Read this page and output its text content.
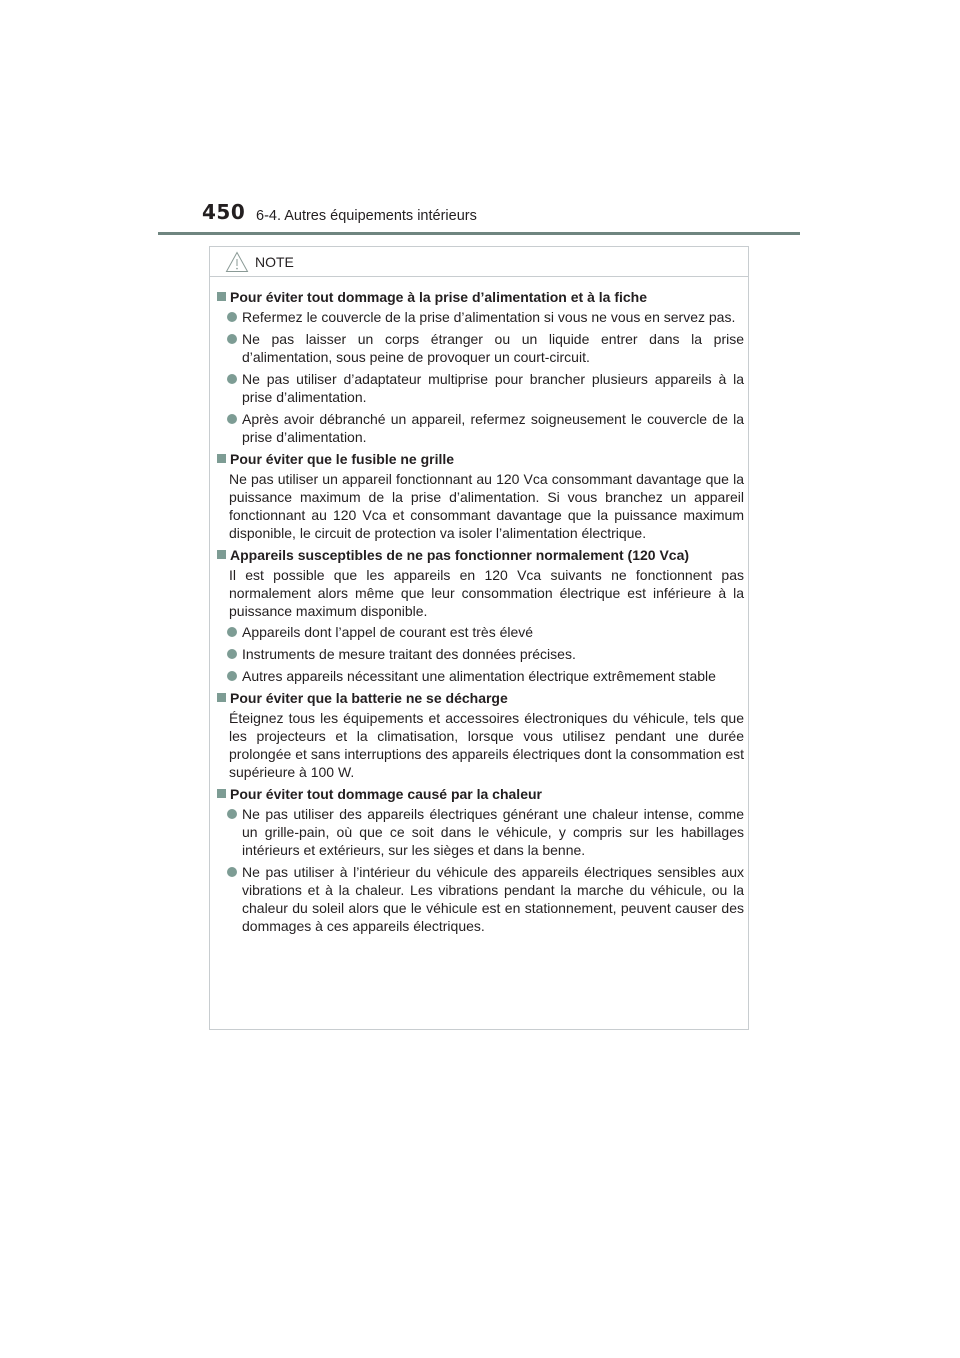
450 6-4. Autres équipements intérieurs
NOTE
Pour éviter tout dommage à la prise d’alimentation et à la fiche
Refermez le couvercle de la prise d’alimentation si vous ne vous en servez pas.
Ne pas laisser un corps étranger ou un liquide entrer dans la prise d’alimentation, sous peine de provoquer un court-circuit.
Ne pas utiliser d’adaptateur multiprise pour brancher plusieurs appareils à la prise d’alimentation.
Après avoir débranché un appareil, refermez soigneusement le couvercle de la prise d’alimentation.
Pour éviter que le fusible ne grille
Ne pas utiliser un appareil fonctionnant au 120 Vca consommant davantage que la puissance maximum de la prise d’alimentation. Si vous branchez un appareil fonctionnant au 120 Vca et consommant davantage que la puissance maximum disponible, le circuit de protection va isoler l’alimentation électrique.
Appareils susceptibles de ne pas fonctionner normalement (120 Vca)
Il est possible que les appareils en 120 Vca suivants ne fonctionnent pas normalement alors même que leur consommation électrique est inférieure à la puissance maximum disponible.
Appareils dont l’appel de courant est très élevé
Instruments de mesure traitant des données précises.
Autres appareils nécessitant une alimentation électrique extrêmement stable
Pour éviter que la batterie ne se décharge
Éteignez tous les équipements et accessoires électroniques du véhicule, tels que les projecteurs et la climatisation, lorsque vous utilisez pendant une durée prolongée et sans interruptions des appareils électriques dont la consommation est supérieure à 100 W.
Pour éviter tout dommage causé par la chaleur
Ne pas utiliser des appareils électriques générant une chaleur intense, comme un grille-pain, où que ce soit dans le véhicule, y compris sur les habillages intérieurs et extérieurs, sur les sièges et dans la benne.
Ne pas utiliser à l’intérieur du véhicule des appareils électriques sensibles aux vibrations et à la chaleur. Les vibrations pendant la marche du véhicule, ou la chaleur du soleil alors que le véhicule est en stationnement, peuvent causer des dommages à ces appareils électriques.
